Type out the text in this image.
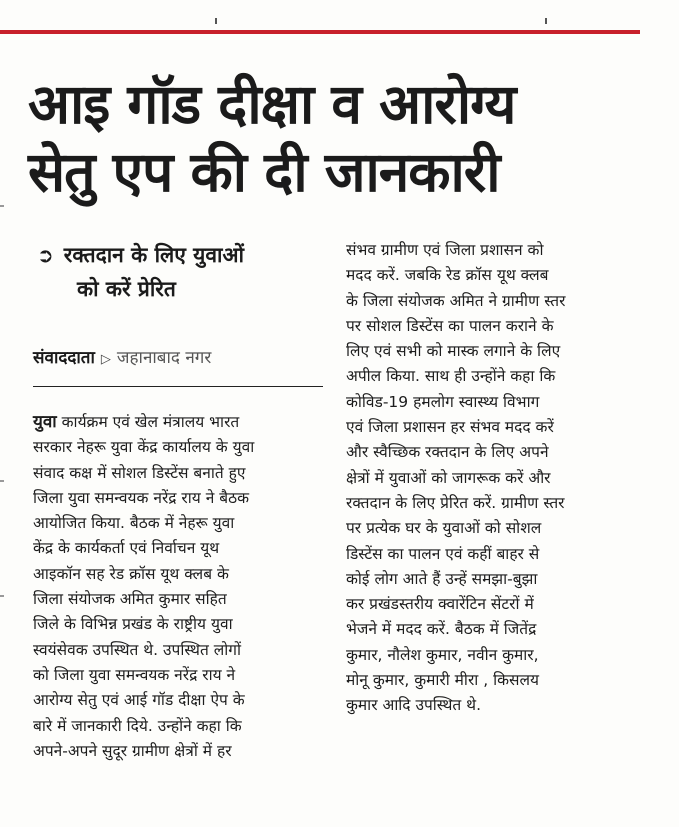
आइ गॉड दीक्षा व आरोग्य
सेतु एप की दी जानकारी
➲ रक्तदान के लिए युवाओं
को करें प्रेरित
संवाददाता ▷ जहानाबाद नगर
युवा कार्यक्रम एवं खेल मंत्रालय भारत
सरकार नेहरू युवा केंद्र कार्यालय के युवा
संवाद कक्ष में सोशल डिस्टेंस बनाते हुए
जिला युवा समन्वयक नरेंद्र राय ने बैठक
आयोजित किया. बैठक में नेहरू युवा
केंद्र के कार्यकर्ता एवं निर्वाचन यूथ
आइकॉन सह रेड क्रॉस यूथ क्लब के
जिला संयोजक अमित कुमार सहित
जिले के विभिन्न प्रखंड के राष्ट्रीय युवा
स्वयंसेवक उपस्थित थे. उपस्थित लोगों
को जिला युवा समन्वयक नरेंद्र राय ने
आरोग्य सेतु एवं आई गॉड दीक्षा ऐप के
बारे में जानकारी दिये. उन्होंने कहा कि
अपने-अपने सुदूर ग्रामीण क्षेत्रों में हर
संभव ग्रामीण एवं जिला प्रशासन को
मदद करें. जबकि रेड क्रॉस यूथ क्लब
के जिला संयोजक अमित ने ग्रामीण स्तर
पर सोशल डिस्टेंस का पालन कराने के
लिए एवं सभी को मास्क लगाने के लिए
अपील किया. साथ ही उन्होंने कहा कि
कोविड-19 हमलोग स्वास्थ्य विभाग
एवं जिला प्रशासन हर संभव मदद करें
और स्वैच्छिक रक्तदान के लिए अपने
क्षेत्रों में युवाओं को जागरूक करें और
रक्तदान के लिए प्रेरित करें. ग्रामीण स्तर
पर प्रत्येक घर के युवाओं को सोशल
डिस्टेंस का पालन एवं कहीं बाहर से
कोई लोग आते हैं उन्हें समझा-बुझा
कर प्रखंडस्तरीय क्वारेंटिन सेंटरों में
भेजने में मदद करें. बैठक में जितेंद्र
कुमार, नौलेश कुमार, नवीन कुमार,
मोनू कुमार, कुमारी मीरा , किसलय
कुमार आदि उपस्थित थे.
